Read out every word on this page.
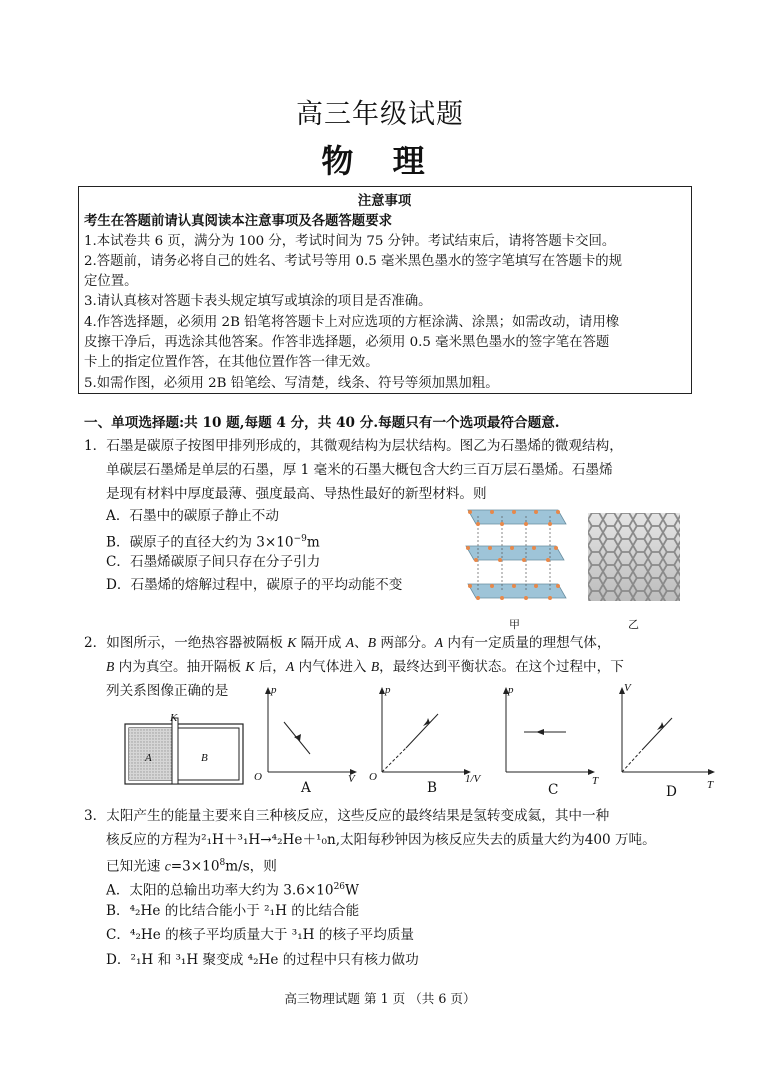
高三年级试题
物 理
注意事项
考生在答题前请认真阅读本注意事项及各题答题要求
1.本试卷共 6 页，满分为 100 分，考试时间为 75 分钟。考试结束后，请将答题卡交回。
2.答题前，请务必将自己的姓名、考试号等用 0.5 毫米黑色墨水的签字笔填写在答题卡的规
定位置。
3.请认真核对答题卡表头规定填写或填涂的项目是否准确。
4.作答选择题，必须用 2B 铅笔将答题卡上对应选项的方框涂满、涂黑；如需改动，请用橡
皮擦干净后，再选涂其他答案。作答非选择题，必须用 0.5 毫米黑色墨水的签字笔在答题
卡上的指定位置作答，在其他位置作答一律无效。
5.如需作图，必须用 2B 铅笔绘、写清楚，线条、符号等须加黑加粗。
一、单项选择题:共 10 题,每题 4 分，共 40 分.每题只有一个选项最符合题意.
1．石墨是碳原子按图甲排列形成的，其微观结构为层状结构。图乙为石墨烯的微观结构，
单碳层石墨烯是单层的石墨，厚 1 毫米的石墨大概包含大约三百万层石墨烯。石墨烯
是现有材料中厚度最薄、强度最高、导热性最好的新型材料。则
A．石墨中的碳原子静止不动
B．碳原子的直径大约为 $3\times 10^{-9}m$
C．石墨烯碳原子间只存在分子引力
D．石墨烯的熔解过程中，碳原子的平均动能不变
甲	乙
2．如图所示，一绝热容器被隔板 K 隔开成 A、B 两部分。A 内有一定质量的理想气体，
B 内为真空。抽开隔板 K 后，A 内气体进入 B，最终达到平衡状态。在这个过程中，下
列关系图像正确的是
K
A	B
p
O	V
A
p
O	1/V
B
p
T
C
V
T
D
3．太阳产生的能量主要来自三种核反应，这些反应的最终结果是氢转变成氦，其中一种
核反应的方程为²₁H＋³₁H→⁴₂He＋¹₀n,太阳每秒钟因为核反应失去的质量大约为400 万吨。
已知光速 $c=3\times 10^8m/s$，则
A．太阳的总输出功率大约为 $3.6\times 10^{26}W$
B．⁴₂He 的比结合能小于 ²₁H 的比结合能
C．⁴₂He 的核子平均质量大于 ³₁H 的核子平均质量
D．²₁H 和 ³₁H 聚变成 ⁴₂He 的过程中只有核力做功
高三物理试题 第 1 页 （共 6 页）
